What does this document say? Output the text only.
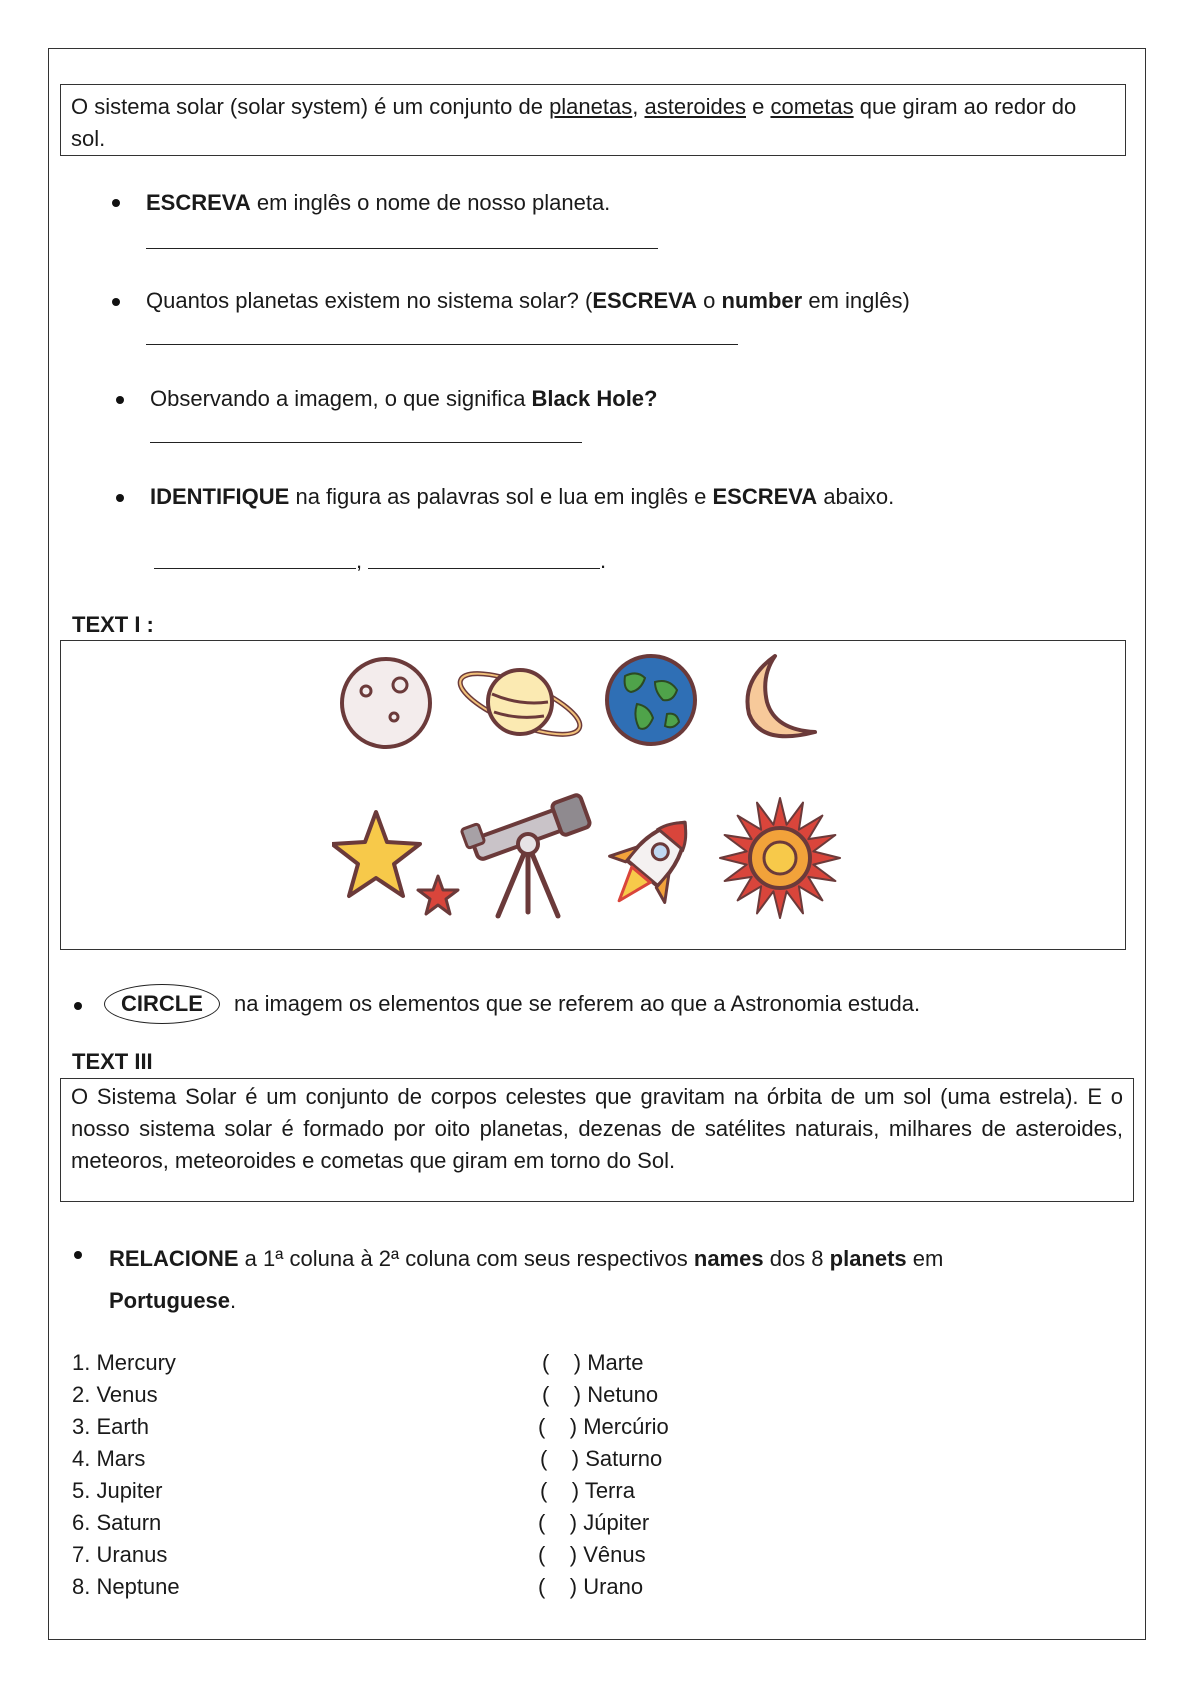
O sistema solar (solar system) é um conjunto de planetas, asteroides e cometas que giram ao redor do sol.
ESCREVA em inglês o nome de nosso planeta.
Quantos planetas existem no sistema solar? (ESCREVA o number em inglês)
Observando a imagem, o que significa Black Hole?
IDENTIFIQUE na figura as palavras sol e lua em inglês e ESCREVA abaixo.
,	.
TEXT I :
CIRCLE na imagem os elementos que se referem ao que a Astronomia estuda.
TEXT III
O Sistema Solar é um conjunto de corpos celestes que gravitam na órbita de um sol (uma estrela). E o nosso sistema solar é formado por oito planetas, dezenas de satélites naturais, milhares de asteroides, meteoros, meteoroides e cometas que giram em torno do Sol.
RELACIONE a 1ª coluna à 2ª coluna com seus respectivos names dos 8 planets em
Portuguese.
1. Mercury
2. Venus
3. Earth
4. Mars
5. Jupiter
6. Saturn
7. Uranus
8. Neptune
(    ) Marte
(    ) Netuno
(    ) Mercúrio
(    ) Saturno
(    ) Terra
(    ) Júpiter
(    ) Vênus
(    ) Urano
